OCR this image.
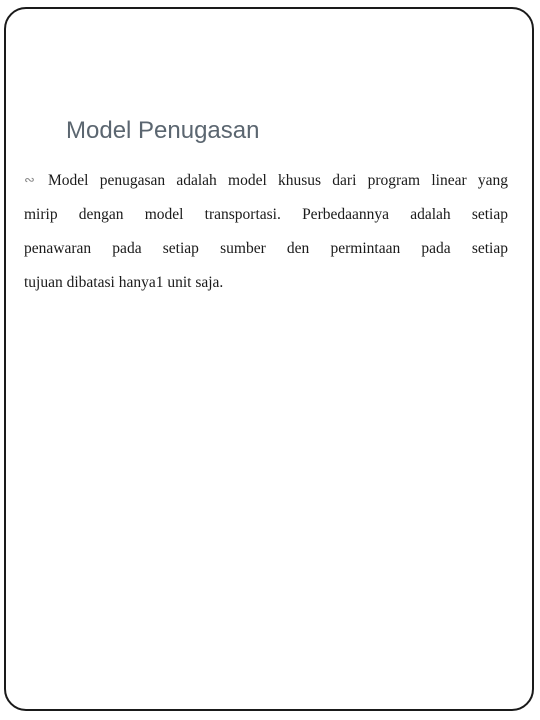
Model Penugasan
∾ Model penugasan adalah model khusus dari program linear yang
mirip dengan model transportasi. Perbedaannya adalah setiap
penawaran pada setiap sumber den permintaan pada setiap
tujuan dibatasi hanya1 unit saja.
